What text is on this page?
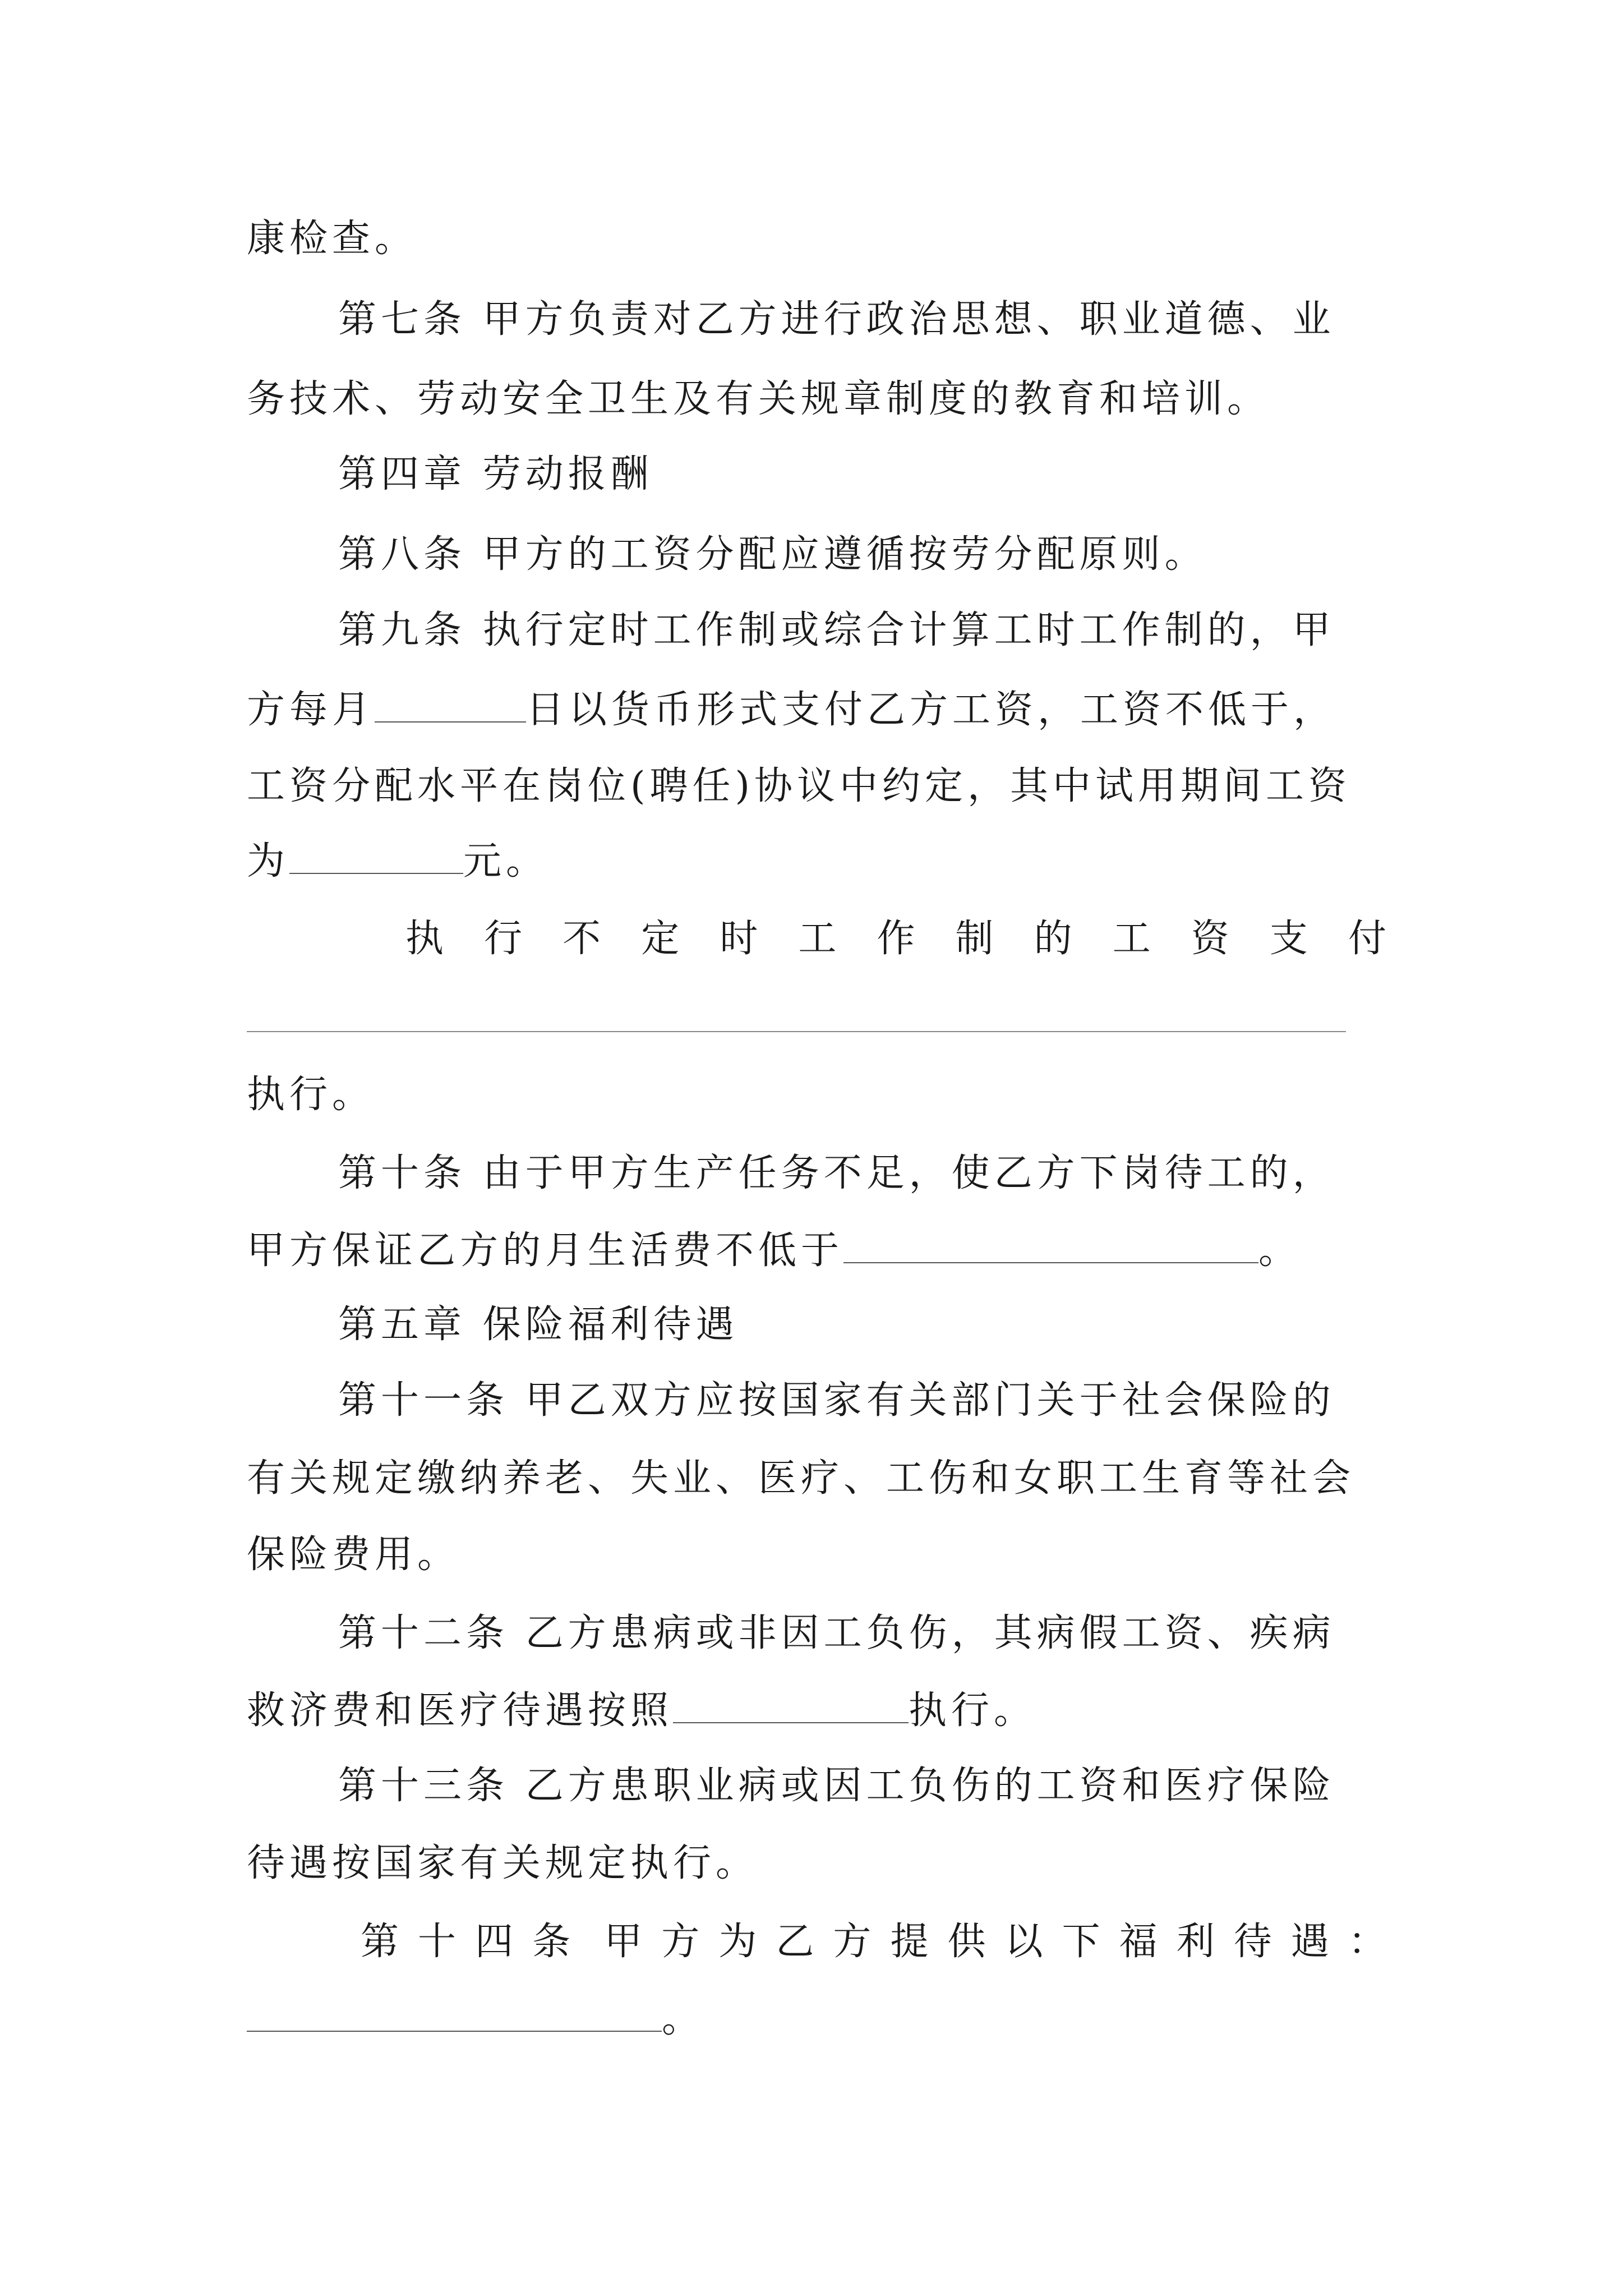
康检查。
第七条 甲方负责对乙方进行政治思想、职业道德、业
务技术、劳动安全卫生及有关规章制度的教育和培训。
第四章 劳动报酬
第八条 甲方的工资分配应遵循按劳分配原则。
第九条 执行定时工作制或综合计算工时工作制的，甲
方每月	日以货币形式支付乙方工资，工资不低于，
工资分配水平在岗位(聘任)协议中约定，其中试用期间工资
为	元。
执 行 不 定 时 工 作 制 的 工 资 支 付
执行。
第十条 由于甲方生产任务不足，使乙方下岗待工的，
甲方保证乙方的月生活费不低于	。
第五章 保险福利待遇
第十一条 甲乙双方应按国家有关部门关于社会保险的
有关规定缴纳养老、失业、医疗、工伤和女职工生育等社会
保险费用。
第十二条 乙方患病或非因工负伤，其病假工资、疾病
救济费和医疗待遇按照	执行。
第十三条 乙方患职业病或因工负伤的工资和医疗保险
待遇按国家有关规定执行。
第 十 四 条 甲 方 为 乙 方 提 供 以 下 福 利 待 遇 ：
。
